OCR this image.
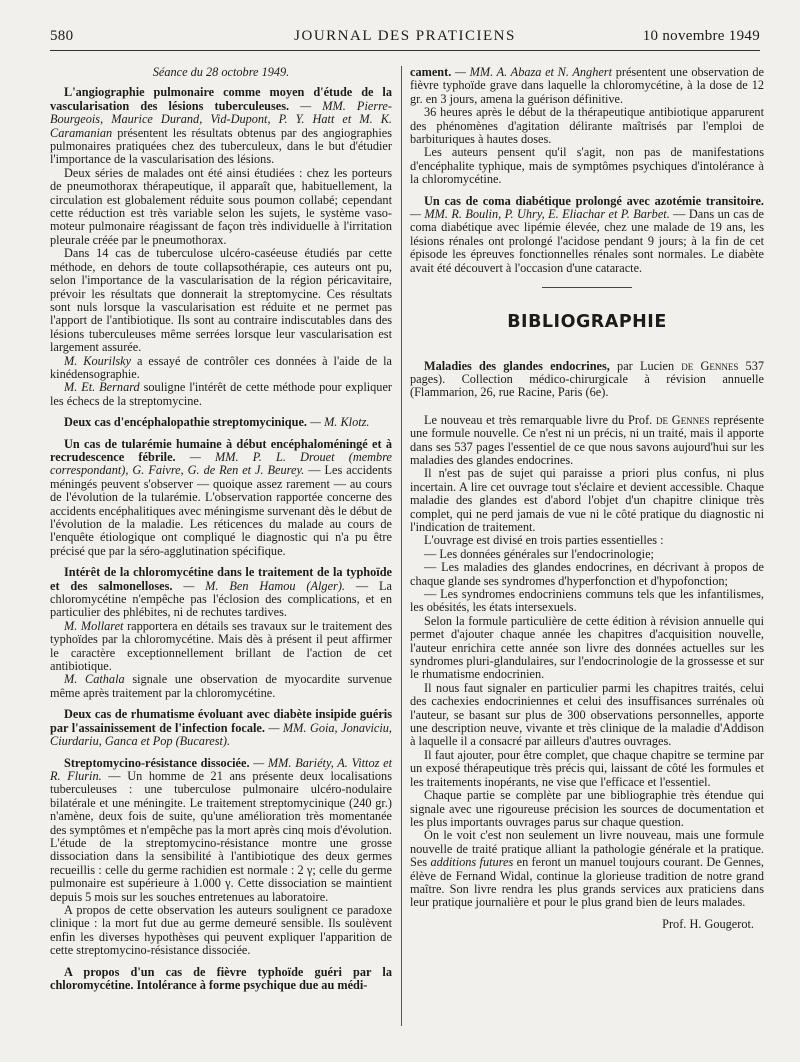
580	JOURNAL DES PRATICIENS	10 novembre 1949

Séance du 28 octobre 1949.

L'angiographie pulmonaire comme moyen d'étude de la vascularisation des lésions tuberculeuses. — MM. Pierre-Bourgeois, Maurice Durand, Vid-Dupont, P. Y. Hatt et M. K. Caramanian présentent les résultats obtenus par des angiographies pulmonaires pratiquées chez des tuberculeux, dans le but d'étudier l'importance de la vascularisation des lésions.

Deux séries de malades ont été ainsi étudiées : chez les porteurs de pneumothorax thérapeutique, il apparaît que, habituellement, la circulation est globalement réduite sous poumon collabé; cependant cette réduction est très variable selon les sujets, le système vaso-moteur pulmonaire réagissant de façon très individuelle à l'irritation pleurale créée par le pneumothorax.

Dans 14 cas de tuberculose ulcéro-caséeuse étudiés par cette méthode, en dehors de toute collapsothérapie, ces auteurs ont pu, selon l'importance de la vascularisation de la région péricavitaire, prévoir les résultats que donnerait la streptomycine. Ces résultats sont nuls lorsque la vascularisation est réduite et ne permet pas l'apport de l'antibiotique. Ils sont au contraire indiscutables dans des lésions tuberculeuses même serrées lorsque leur vascularisation est largement assurée.

M. Kourilsky a essayé de contrôler ces données à l'aide de la kinédensographie.

M. Et. Bernard souligne l'intérêt de cette méthode pour expliquer les échecs de la streptomycine.

Deux cas d'encéphalopathie streptomycinique. — M. Klotz.

Un cas de tularémie humaine à début encéphaloméningé et à recrudescence fébrile. — MM. P. L. Drouet (membre correspondant), G. Faivre, G. de Ren et J. Beurey. — Les accidents méningés peuvent s'observer — quoique assez rarement — au cours de l'évolution de la tularémie. L'observation rapportée concerne des accidents encéphalitiques avec méningisme survenant dès le début de l'évolution de la maladie. Les réticences du malade au cours de l'enquête étiologique ont compliqué le diagnostic qui n'a pu être précisé que par la séro-agglutination spécifique.

Intérêt de la chloromycétine dans le traitement de la typhoïde et des salmonelloses. — M. Ben Hamou (Alger). — La chloromycétine n'empêche pas l'éclosion des complications, et en particulier des phlébites, ni de rechutes tardives.

M. Mollaret rapportera en détails ses travaux sur le traitement des typhoïdes par la chloromycétine. Mais dès à présent il peut affirmer le caractère exceptionnellement brillant de l'action de cet antibiotique.

M. Cathala signale une observation de myocardite survenue même après traitement par la chloromycétine.

Deux cas de rhumatisme évoluant avec diabète insipide guéris par l'assainissement de l'infection focale. — MM. Goia, Jonaviciu, Ciurdariu, Ganca et Pop (Bucarest).

Streptomycino-résistance dissociée. — MM. Bariéty, A. Vittoz et R. Flurin. — Un homme de 21 ans présente deux localisations tuberculeuses : une tuberculose pulmonaire ulcéro-nodulaire bilatérale et une méningite. Le traitement streptomycinique (240 gr.) n'amène, deux fois de suite, qu'une amélioration très momentanée des symptômes et n'empêche pas la mort après cinq mois d'évolution. L'étude de la streptomycino-résistance montre une grosse dissociation dans la sensibilité à l'antibiotique des deux germes recueillis : celle du germe rachidien est normale : 2 γ; celle du germe pulmonaire est supérieure à 1.000 γ. Cette dissociation se maintient depuis 5 mois sur les souches entretenues au laboratoire.

A propos de cette observation les auteurs soulignent ce paradoxe clinique : la mort fut due au germe demeuré sensible. Ils soulèvent enfin les diverses hypothèses qui peuvent expliquer l'apparition de cette streptomycino-résistance dissociée.

A propos d'un cas de fièvre typhoïde guéri par la chloromycétine. Intolérance à forme psychique due au médi-

cament. — MM. A. Abaza et N. Anghert présentent une observation de fièvre typhoïde grave dans laquelle la chloromycétine, à la dose de 12 gr. en 3 jours, amena la guérison définitive.

36 heures après le début de la thérapeutique antibiotique apparurent des phénomènes d'agitation délirante maîtrisés par l'emploi de barbituriques à hautes doses.

Les auteurs pensent qu'il s'agit, non pas de manifestations d'encéphalite typhique, mais de symptômes psychiques d'intolérance à la chloromycétine.

Un cas de coma diabétique prolongé avec azotémie transitoire. — MM. R. Boulin, P. Uhry, E. Eliachar et P. Barbet. — Dans un cas de coma diabétique avec lipémie élevée, chez une malade de 19 ans, les lésions rénales ont prolongé l'acidose pendant 9 jours; à la fin de cet épisode les épreuves fonctionnelles rénales sont normales. Le diabète avait été découvert à l'occasion d'une cataracte.

BIBLIOGRAPHIE

Maladies des glandes endocrines, par Lucien de Gennes 537 pages). Collection médico-chirurgicale à révision annuelle (Flammarion, 26, rue Racine, Paris (6e).

Le nouveau et très remarquable livre du Prof. de Gennes représente une formule nouvelle. Ce n'est ni un précis, ni un traité, mais il apporte dans ses 537 pages l'essentiel de ce que nous savons aujourd'hui sur les maladies des glandes endocrines.

Il n'est pas de sujet qui paraisse a priori plus confus, ni plus incertain. A lire cet ouvrage tout s'éclaire et devient accessible. Chaque maladie des glandes est d'abord l'objet d'un chapitre clinique très complet, qui ne perd jamais de vue ni le côté pratique du diagnostic ni l'indication de traitement.

L'ouvrage est divisé en trois parties essentielles :

— Les données générales sur l'endocrinologie;

— Les maladies des glandes endocrines, en décrivant à propos de chaque glande ses syndromes d'hyperfonction et d'hypofonction;

— Les syndromes endocriniens communs tels que les infantilismes, les obésités, les états intersexuels.

Selon la formule particulière de cette édition à révision annuelle qui permet d'ajouter chaque année les chapitres d'acquisition nouvelle, l'auteur enrichira cette année son livre des données actuelles sur les syndromes pluri-glandulaires, sur l'endocrinologie de la grossesse et sur le rhumatisme endocrinien.

Il nous faut signaler en particulier parmi les chapitres traités, celui des cachexies endocriniennes et celui des insuffisances surrénales où l'auteur, se basant sur plus de 300 observations personnelles, apporte une description neuve, vivante et très clinique de la maladie d'Addison à laquelle il a consacré par ailleurs d'autres ouvrages.

Il faut ajouter, pour être complet, que chaque chapitre se termine par un exposé thérapeutique très précis qui, laissant de côté les formules et les traitements inopérants, ne vise que l'efficace et l'essentiel.

Chaque partie se complète par une bibliographie très étendue qui signale avec une rigoureuse précision les sources de documentation et les plus importants ouvrages parus sur chaque question.

On le voit c'est non seulement un livre nouveau, mais une formule nouvelle de traité pratique alliant la pathologie générale et la pratique. Ses additions futures en feront un manuel toujours courant. De Gennes, élève de Fernand Widal, continue la glorieuse tradition de notre grand maître. Son livre rendra les plus grands services aux praticiens dans leur pratique journalière et pour le plus grand bien de leurs malades.

Prof. H. Gougerot.
